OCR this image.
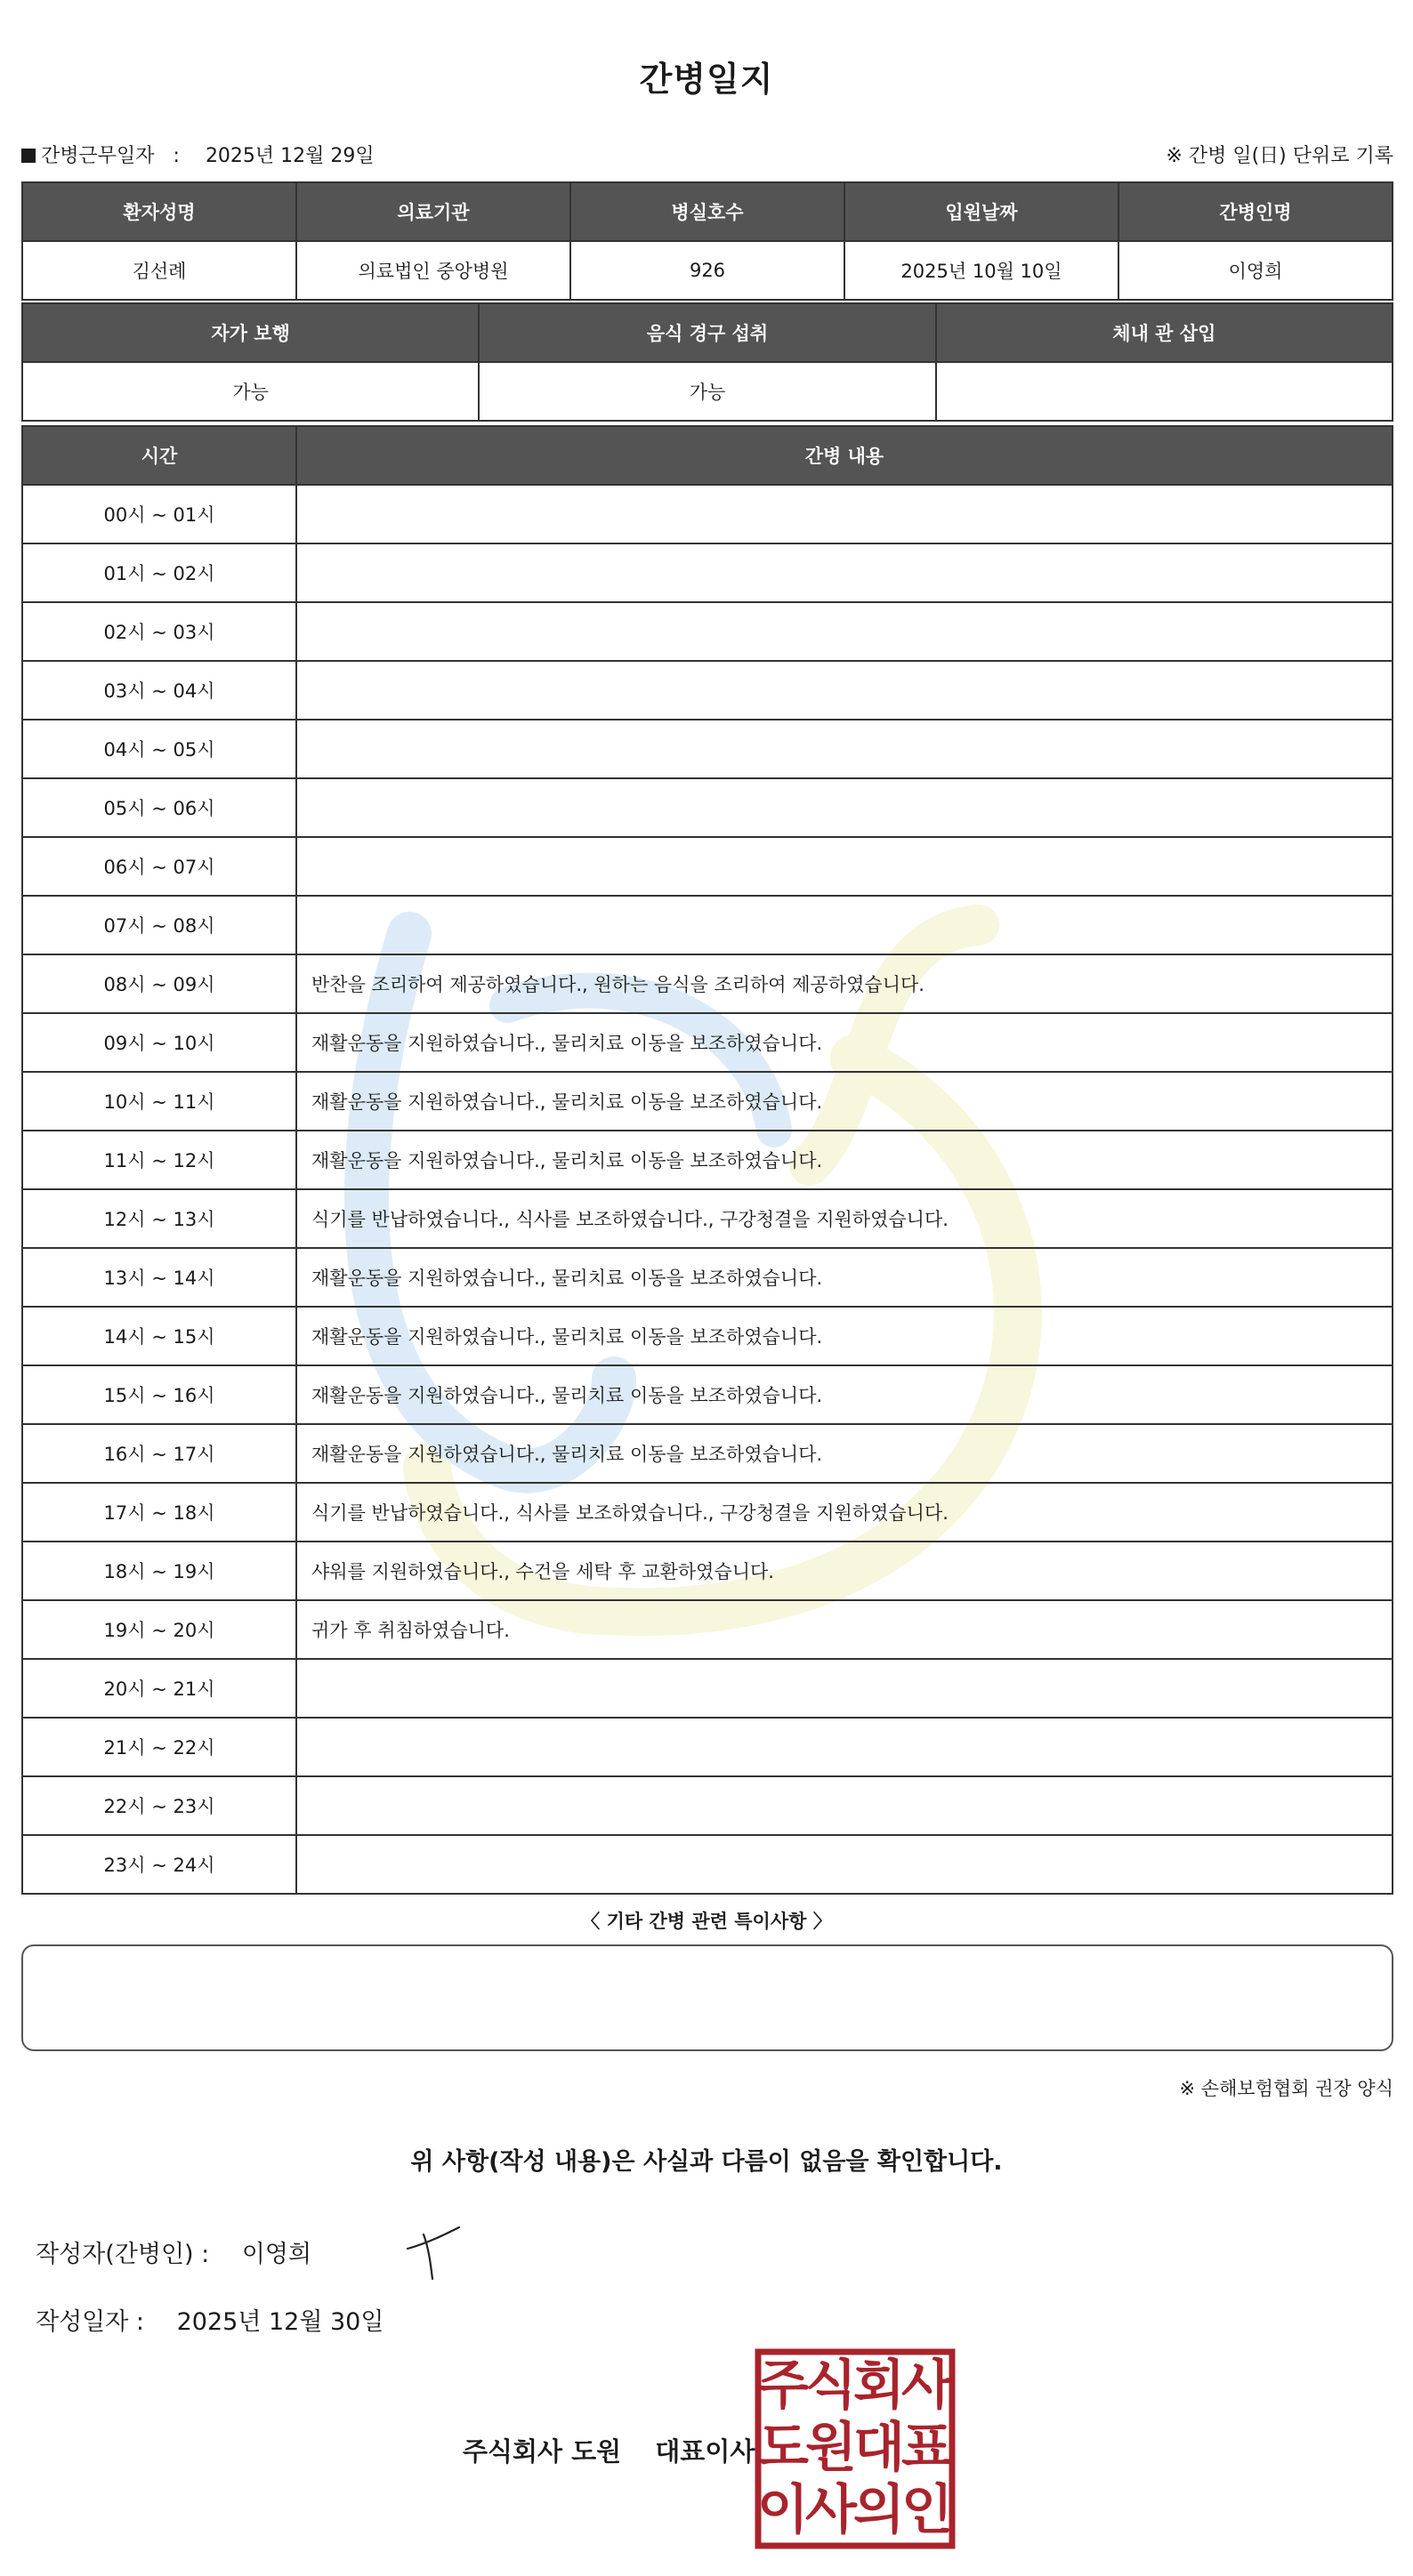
간병일지
간병근무일자 : 2025년 12월 29일	※ 간병 일(日) 단위로 기록
환자성명	의료기관	병실호수	입원날짜	간병인명
김선례	의료법인 중앙병원	926	2025년 10월 10일	이영희
자가 보행	음식 경구 섭취	체내 관 삽입
가능	가능	
시간	간병 내용
00시 ~ 01시	
01시 ~ 02시	
02시 ~ 03시	
03시 ~ 04시	
04시 ~ 05시	
05시 ~ 06시	
06시 ~ 07시	
07시 ~ 08시	
08시 ~ 09시	반찬을 조리하여 제공하였습니다., 원하는 음식을 조리하여 제공하였습니다.
09시 ~ 10시	재활운동을 지원하였습니다., 물리치료 이동을 보조하였습니다.
10시 ~ 11시	재활운동을 지원하였습니다., 물리치료 이동을 보조하였습니다.
11시 ~ 12시	재활운동을 지원하였습니다., 물리치료 이동을 보조하였습니다.
12시 ~ 13시	식기를 반납하였습니다., 식사를 보조하였습니다., 구강청결을 지원하였습니다.
13시 ~ 14시	재활운동을 지원하였습니다., 물리치료 이동을 보조하였습니다.
14시 ~ 15시	재활운동을 지원하였습니다., 물리치료 이동을 보조하였습니다.
15시 ~ 16시	재활운동을 지원하였습니다., 물리치료 이동을 보조하였습니다.
16시 ~ 17시	재활운동을 지원하였습니다., 물리치료 이동을 보조하였습니다.
17시 ~ 18시	식기를 반납하였습니다., 식사를 보조하였습니다., 구강청결을 지원하였습니다.
18시 ~ 19시	샤워를 지원하였습니다., 수건을 세탁 후 교환하였습니다.
19시 ~ 20시	귀가 후 취침하였습니다.
20시 ~ 21시	
21시 ~ 22시	
22시 ~ 23시	
23시 ~ 24시	
〈 기타 간병 관련 특이사항 〉
※ 손해보험협회 권장 양식
위 사항(작성 내용)은 사실과 다름이 없음을 확인합니다.
작성자(간병인) : 이영희
작성일자 : 2025년 12월 30일
주식회사 도원 대표이사
주
식
회
사
도
원
대
표
이
사
의
인
